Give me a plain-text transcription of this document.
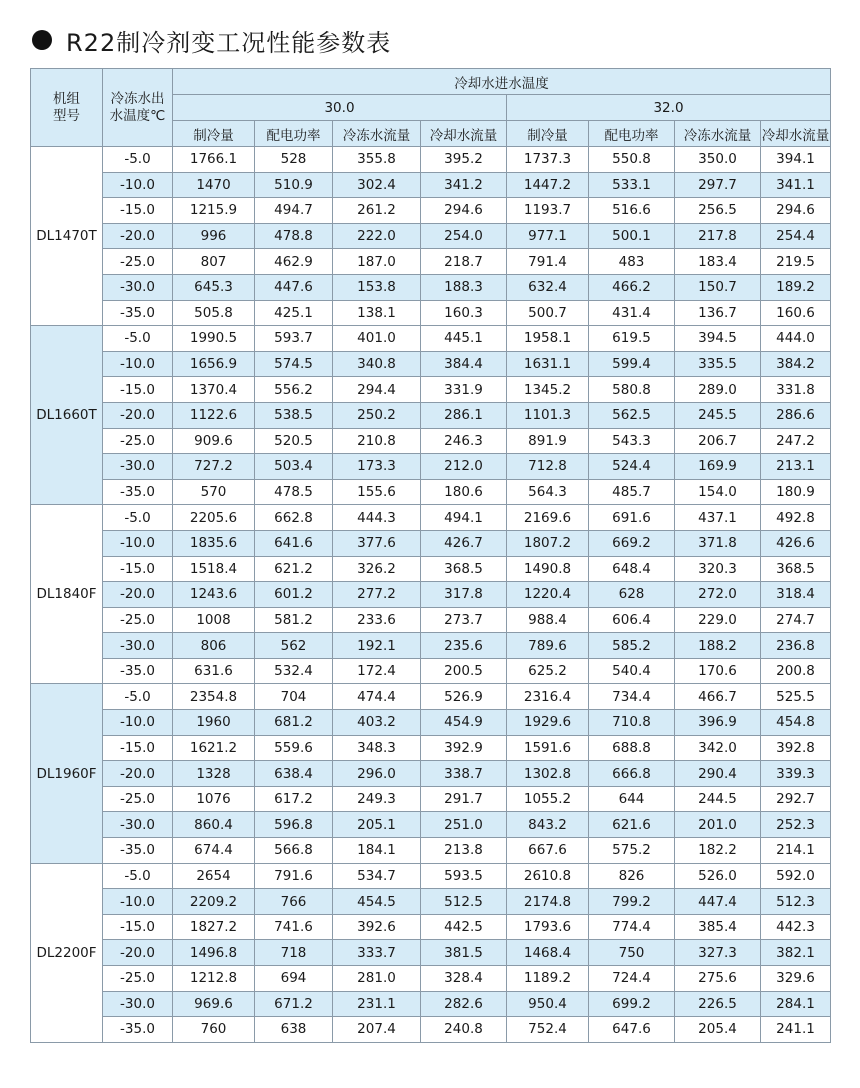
R22制冷剂变工况性能参数表
机组
型号	冷冻水出
水温度℃	冷却水进水温度							
		30.0				32.0			
		制冷量	配电功率	冷冻水流量	冷却水流量	制冷量	配电功率	冷冻水流量	冷却水流量
DL1470T	-5.0	1766.1	528	355.8	395.2	1737.3	550.8	350.0	394.1
	-10.0	1470	510.9	302.4	341.2	1447.2	533.1	297.7	341.1
	-15.0	1215.9	494.7	261.2	294.6	1193.7	516.6	256.5	294.6
	-20.0	996	478.8	222.0	254.0	977.1	500.1	217.8	254.4
	-25.0	807	462.9	187.0	218.7	791.4	483	183.4	219.5
	-30.0	645.3	447.6	153.8	188.3	632.4	466.2	150.7	189.2
	-35.0	505.8	425.1	138.1	160.3	500.7	431.4	136.7	160.6
DL1660T	-5.0	1990.5	593.7	401.0	445.1	1958.1	619.5	394.5	444.0
	-10.0	1656.9	574.5	340.8	384.4	1631.1	599.4	335.5	384.2
	-15.0	1370.4	556.2	294.4	331.9	1345.2	580.8	289.0	331.8
	-20.0	1122.6	538.5	250.2	286.1	1101.3	562.5	245.5	286.6
	-25.0	909.6	520.5	210.8	246.3	891.9	543.3	206.7	247.2
	-30.0	727.2	503.4	173.3	212.0	712.8	524.4	169.9	213.1
	-35.0	570	478.5	155.6	180.6	564.3	485.7	154.0	180.9
DL1840F	-5.0	2205.6	662.8	444.3	494.1	2169.6	691.6	437.1	492.8
	-10.0	1835.6	641.6	377.6	426.7	1807.2	669.2	371.8	426.6
	-15.0	1518.4	621.2	326.2	368.5	1490.8	648.4	320.3	368.5
	-20.0	1243.6	601.2	277.2	317.8	1220.4	628	272.0	318.4
	-25.0	1008	581.2	233.6	273.7	988.4	606.4	229.0	274.7
	-30.0	806	562	192.1	235.6	789.6	585.2	188.2	236.8
	-35.0	631.6	532.4	172.4	200.5	625.2	540.4	170.6	200.8
DL1960F	-5.0	2354.8	704	474.4	526.9	2316.4	734.4	466.7	525.5
	-10.0	1960	681.2	403.2	454.9	1929.6	710.8	396.9	454.8
	-15.0	1621.2	559.6	348.3	392.9	1591.6	688.8	342.0	392.8
	-20.0	1328	638.4	296.0	338.7	1302.8	666.8	290.4	339.3
	-25.0	1076	617.2	249.3	291.7	1055.2	644	244.5	292.7
	-30.0	860.4	596.8	205.1	251.0	843.2	621.6	201.0	252.3
	-35.0	674.4	566.8	184.1	213.8	667.6	575.2	182.2	214.1
DL2200F	-5.0	2654	791.6	534.7	593.5	2610.8	826	526.0	592.0
	-10.0	2209.2	766	454.5	512.5	2174.8	799.2	447.4	512.3
	-15.0	1827.2	741.6	392.6	442.5	1793.6	774.4	385.4	442.3
	-20.0	1496.8	718	333.7	381.5	1468.4	750	327.3	382.1
	-25.0	1212.8	694	281.0	328.4	1189.2	724.4	275.6	329.6
	-30.0	969.6	671.2	231.1	282.6	950.4	699.2	226.5	284.1
	-35.0	760	638	207.4	240.8	752.4	647.6	205.4	241.1
